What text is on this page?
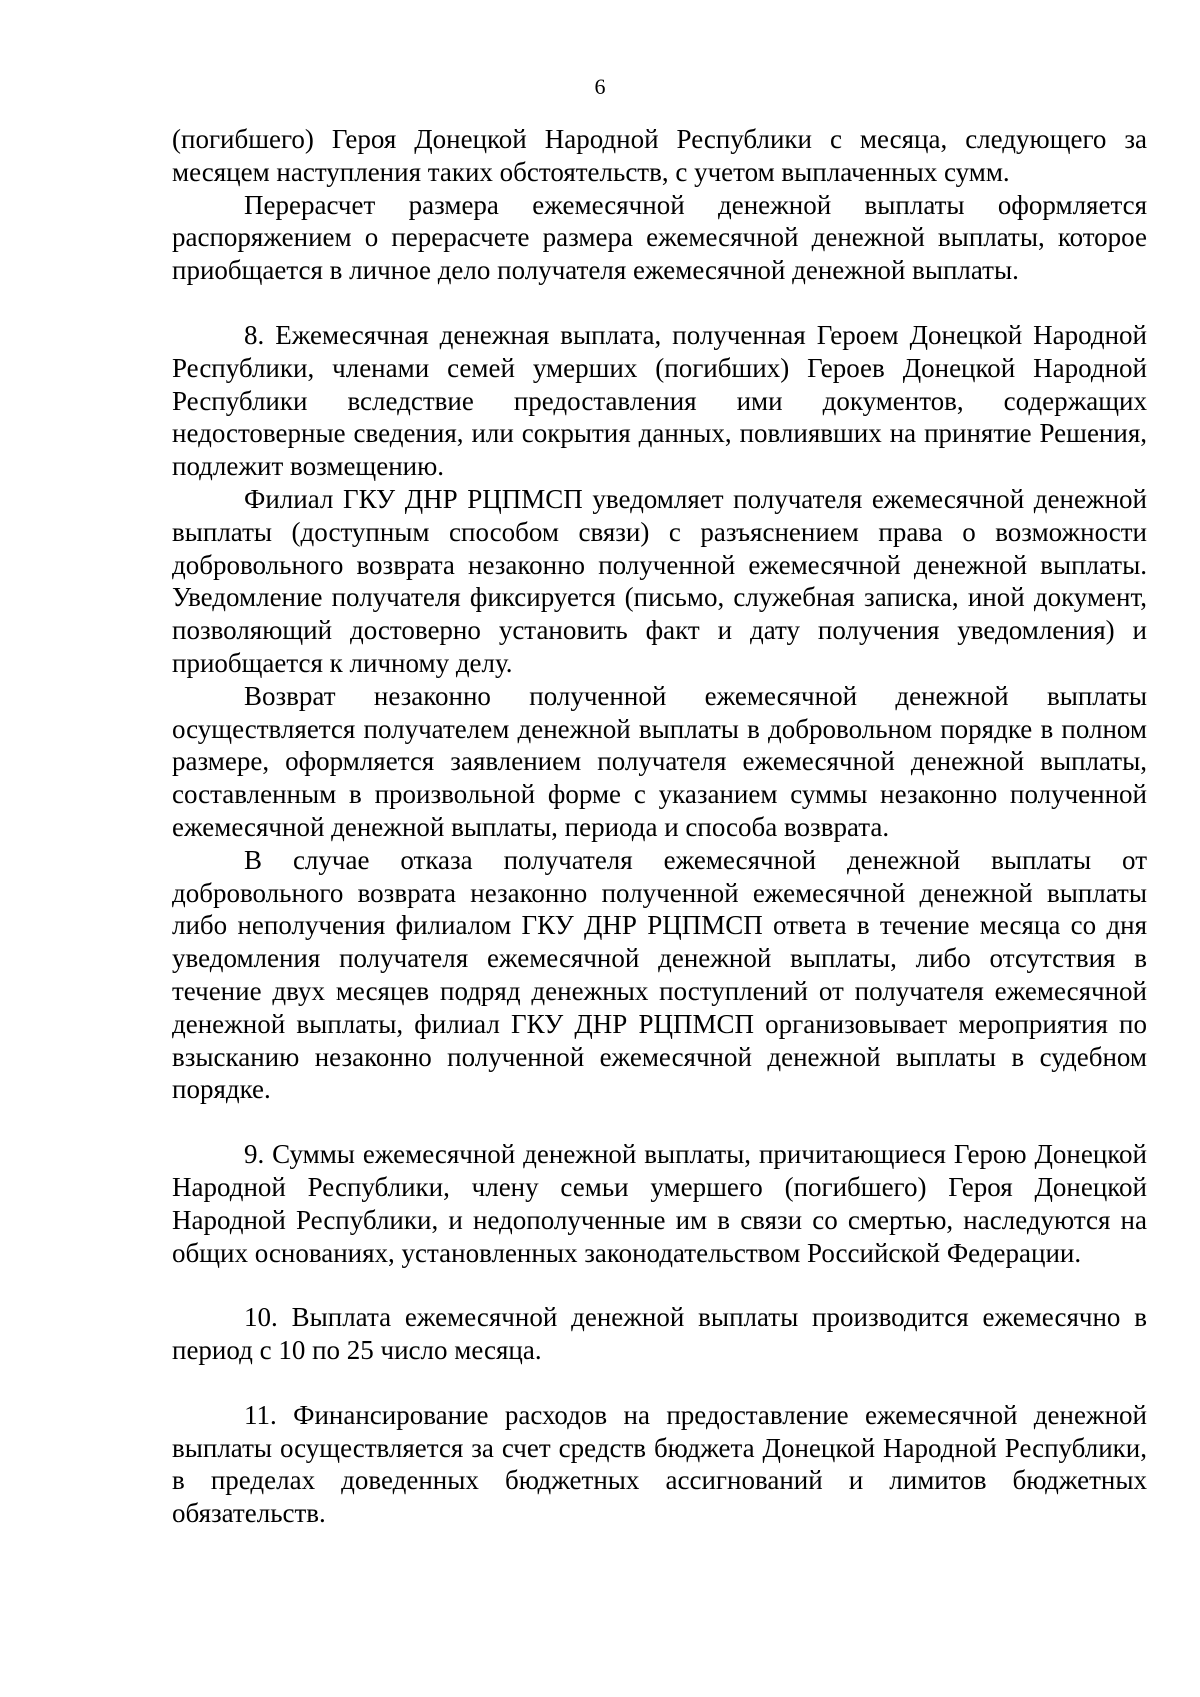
6

(погибшего) Героя Донецкой Народной Республики с месяца, следующего за месяцем наступления таких обстоятельств, с учетом выплаченных сумм.

Перерасчет размера ежемесячной денежной выплаты оформляется распоряжением о перерасчете размера ежемесячной денежной выплаты, которое приобщается в личное дело получателя ежемесячной денежной выплаты.

8. Ежемесячная денежная выплата, полученная Героем Донецкой Народной Республики, членами семей умерших (погибших) Героев Донецкой Народной Республики вследствие предоставления ими документов, содержащих недостоверные сведения, или сокрытия данных, повлиявших на принятие Решения, подлежит возмещению.

Филиал ГКУ ДНР РЦПМСП уведомляет получателя ежемесячной денежной выплаты (доступным способом связи) с разъяснением права о возможности добровольного возврата незаконно полученной ежемесячной денежной выплаты. Уведомление получателя фиксируется (письмо, служебная записка, иной документ, позволяющий достоверно установить факт и дату получения уведомления) и приобщается к личному делу.

Возврат незаконно полученной ежемесячной денежной выплаты осуществляется получателем денежной выплаты в добровольном порядке в полном размере, оформляется заявлением получателя ежемесячной денежной выплаты, составленным в произвольной форме с указанием суммы незаконно полученной ежемесячной денежной выплаты, периода и способа возврата.

В случае отказа получателя ежемесячной денежной выплаты от добровольного возврата незаконно полученной ежемесячной денежной выплаты либо неполучения филиалом ГКУ ДНР РЦПМСП ответа в течение месяца со дня уведомления получателя ежемесячной денежной выплаты, либо отсутствия в течение двух месяцев подряд денежных поступлений от получателя ежемесячной денежной выплаты, филиал ГКУ ДНР РЦПМСП организовывает мероприятия по взысканию незаконно полученной ежемесячной денежной выплаты в судебном порядке.

9. Суммы ежемесячной денежной выплаты, причитающиеся Герою Донецкой Народной Республики, члену семьи умершего (погибшего) Героя Донецкой Народной Республики, и недополученные им в связи со смертью, наследуются на общих основаниях, установленных законодательством Российской Федерации.

10. Выплата ежемесячной денежной выплаты производится ежемесячно в период с 10 по 25 число месяца.

11. Финансирование расходов на предоставление ежемесячной денежной выплаты осуществляется за счет средств бюджета Донецкой Народной Республики, в пределах доведенных бюджетных ассигнований и лимитов бюджетных обязательств.
